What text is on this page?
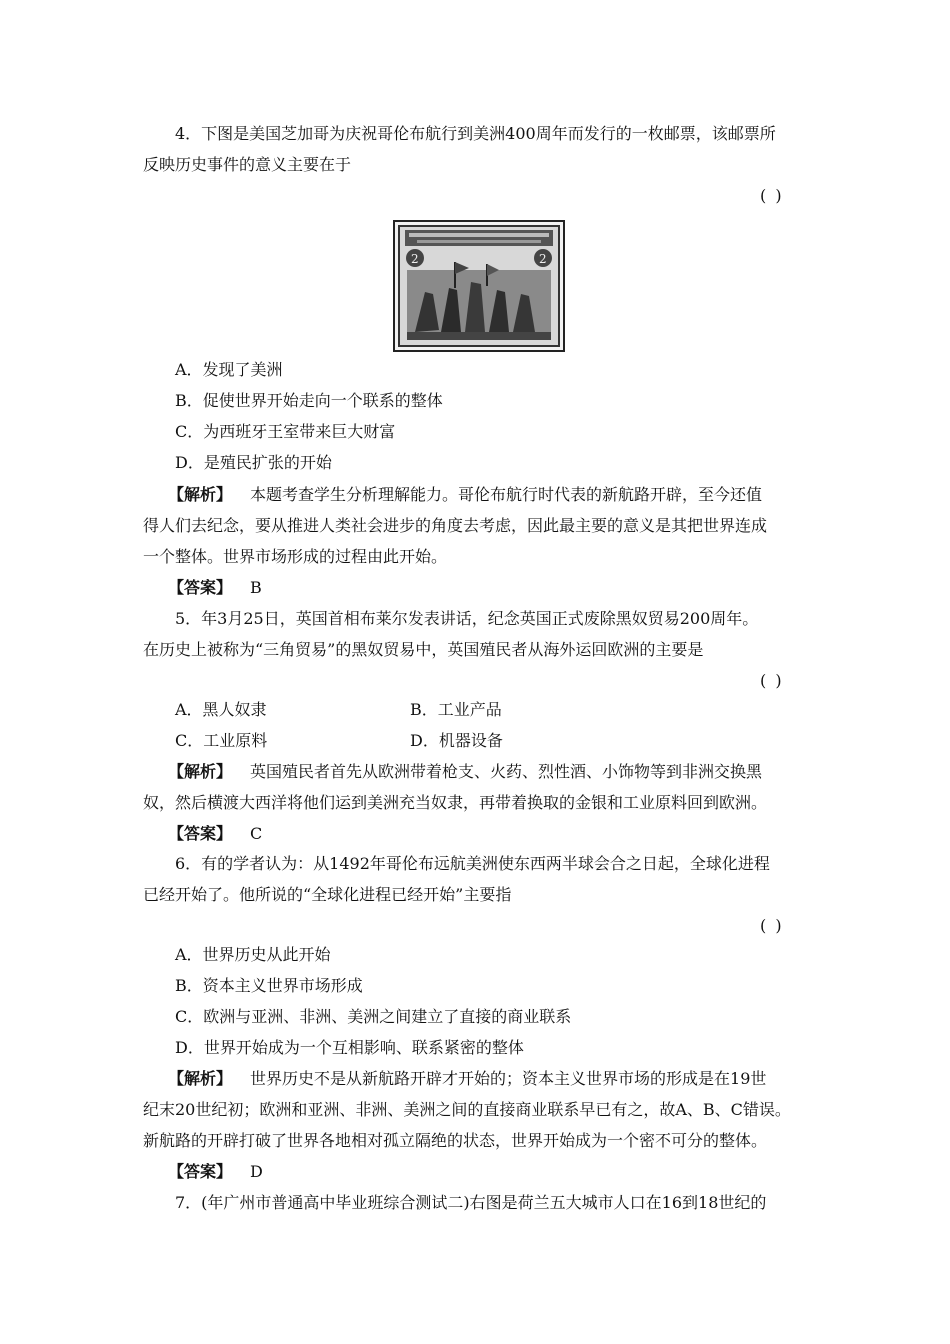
4．下图是美国芝加哥为庆祝哥伦布航行到美洲400周年而发行的一枚邮票，该邮票所
反映历史事件的意义主要在于
( )
2	2
A．发现了美洲
B．促使世界开始走向一个联系的整体
C．为西班牙王室带来巨大财富
D．是殖民扩张的开始
【解析】 本题考查学生分析理解能力。哥伦布航行时代表的新航路开辟，至今还值
得人们去纪念，要从推进人类社会进步的角度去考虑，因此最主要的意义是其把世界连成
一个整体。世界市场形成的过程由此开始。
【答案】 B
5．年3月25日，英国首相布莱尔发表讲话，纪念英国正式废除黑奴贸易200周年。
在历史上被称为“三角贸易”的黑奴贸易中，英国殖民者从海外运回欧洲的主要是
( )
A．黑人奴隶	B．工业产品
C．工业原料	D．机器设备
【解析】 英国殖民者首先从欧洲带着枪支、火药、烈性酒、小饰物等到非洲交换黑
奴，然后横渡大西洋将他们运到美洲充当奴隶，再带着换取的金银和工业原料回到欧洲。
【答案】 C
6．有的学者认为：从1492年哥伦布远航美洲使东西两半球会合之日起，全球化进程
已经开始了。他所说的“全球化进程已经开始”主要指
( )
A．世界历史从此开始
B．资本主义世界市场形成
C．欧洲与亚洲、非洲、美洲之间建立了直接的商业联系
D．世界开始成为一个互相影响、联系紧密的整体
【解析】 世界历史不是从新航路开辟才开始的；资本主义世界市场的形成是在19世
纪末20世纪初；欧洲和亚洲、非洲、美洲之间的直接商业联系早已有之，故A、B、C错误。
新航路的开辟打破了世界各地相对孤立隔绝的状态，世界开始成为一个密不可分的整体。
【答案】 D
7．(年广州市普通高中毕业班综合测试二)右图是荷兰五大城市人口在16到18世纪的
